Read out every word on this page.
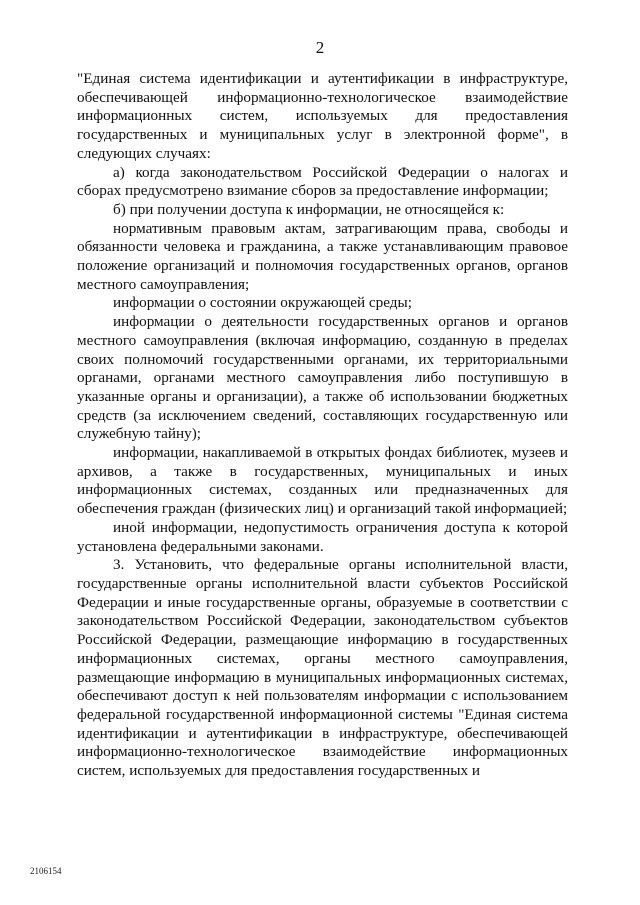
2

"Единая система идентификации и аутентификации в инфраструктуре, обеспечивающей информационно-технологическое взаимодействие информационных систем, используемых для предоставления государственных и муниципальных услуг в электронной форме", в следующих случаях:

а) когда законодательством Российской Федерации о налогах и сборах предусмотрено взимание сборов за предоставление информации;

б) при получении доступа к информации, не относящейся к:

нормативным правовым актам, затрагивающим права, свободы и обязанности человека и гражданина, а также устанавливающим правовое положение организаций и полномочия государственных органов, органов местного самоуправления;

информации о состоянии окружающей среды;

информации о деятельности государственных органов и органов местного самоуправления (включая информацию, созданную в пределах своих полномочий государственными органами, их территориальными органами, органами местного самоуправления либо поступившую в указанные органы и организации), а также об использовании бюджетных средств (за исключением сведений, составляющих государственную или служебную тайну);

информации, накапливаемой в открытых фондах библиотек, музеев и архивов, а также в государственных, муниципальных и иных информационных системах, созданных или предназначенных для обеспечения граждан (физических лиц) и организаций такой информацией;

иной информации, недопустимость ограничения доступа к которой установлена федеральными законами.

3. Установить, что федеральные органы исполнительной власти, государственные органы исполнительной власти субъектов Российской Федерации и иные государственные органы, образуемые в соответствии с законодательством Российской Федерации, законодательством субъектов Российской Федерации, размещающие информацию в государственных информационных системах, органы местного самоуправления, размещающие информацию в муниципальных информационных системах, обеспечивают доступ к ней пользователям информации с использованием федеральной государственной информационной системы "Единая система идентификации и аутентификации в инфраструктуре, обеспечивающей информационно-технологическое взаимодействие информационных систем, используемых для предоставления государственных и

2106154
